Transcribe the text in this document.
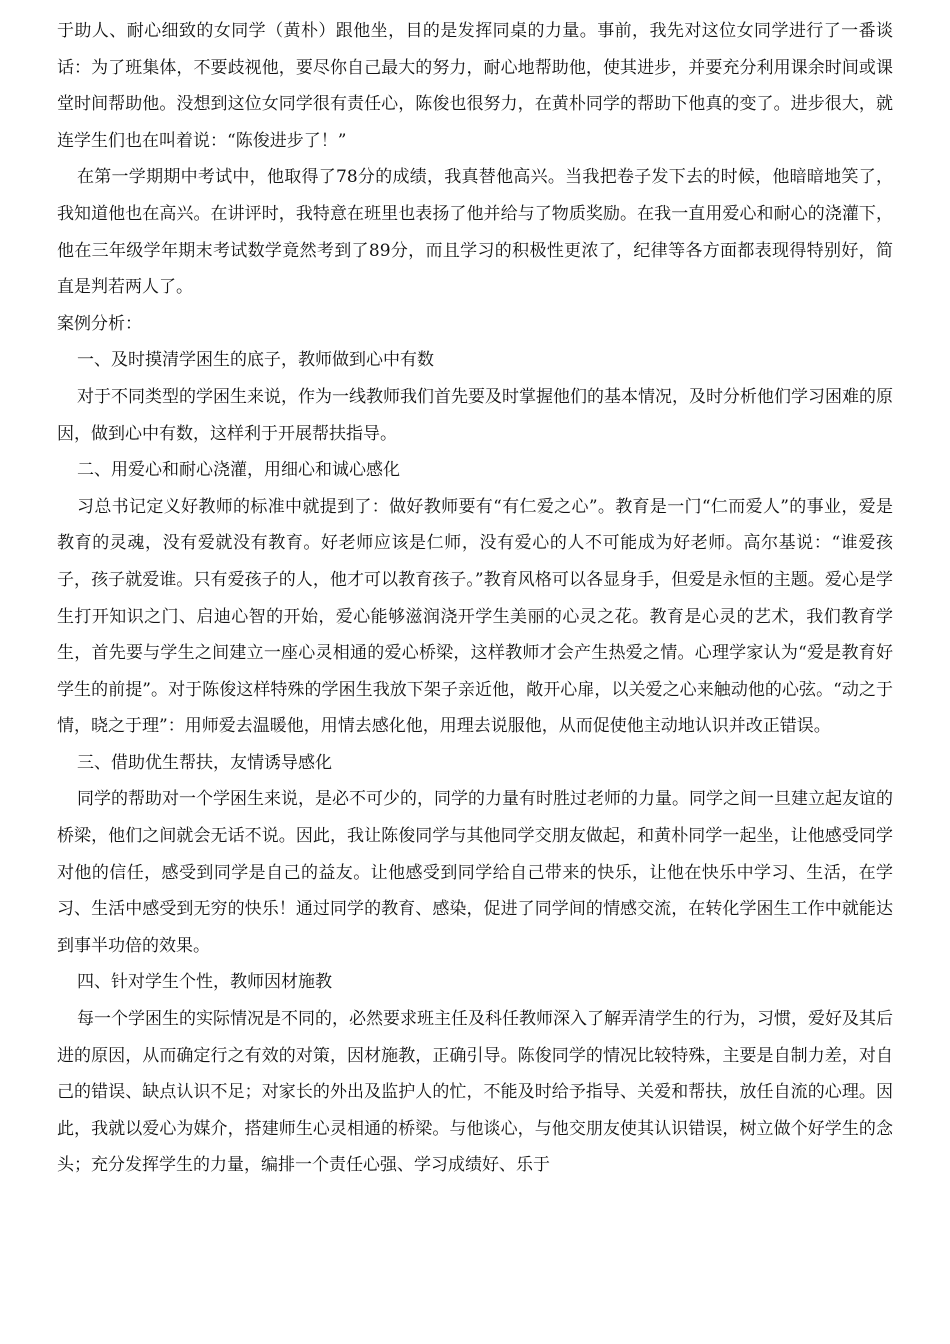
于助人、耐心细致的女同学（黄朴）跟他坐，目的是发挥同桌的力量。事前，我先对这位女同学进行了一番谈话：为了班集体，不要歧视他，要尽你自己最大的努力，耐心地帮助他，使其进步，并要充分利用课余时间或课堂时间帮助他。没想到这位女同学很有责任心，陈俊也很努力，在黄朴同学的帮助下他真的变了。进步很大，就连学生们也在叫着说：“陈俊进步了！”

在第一学期期中考试中，他取得了78分的成绩，我真替他高兴。当我把卷子发下去的时候，他暗暗地笑了，我知道他也在高兴。在讲评时，我特意在班里也表扬了他并给与了物质奖励。在我一直用爱心和耐心的浇灌下，他在三年级学年期末考试数学竟然考到了89分，而且学习的积极性更浓了，纪律等各方面都表现得特别好，简直是判若两人了。

案例分析：

一、及时摸清学困生的底子，教师做到心中有数

对于不同类型的学困生来说，作为一线教师我们首先要及时掌握他们的基本情况，及时分析他们学习困难的原因，做到心中有数，这样利于开展帮扶指导。

二、用爱心和耐心浇灌，用细心和诚心感化

习总书记定义好教师的标准中就提到了：做好教师要有“有仁爱之心”。教育是一门“仁而爱人”的事业，爱是教育的灵魂，没有爱就没有教育。好老师应该是仁师，没有爱心的人不可能成为好老师。高尔基说：“谁爱孩子，孩子就爱谁。只有爱孩子的人，他才可以教育孩子。”教育风格可以各显身手，但爱是永恒的主题。爱心是学生打开知识之门、启迪心智的开始，爱心能够滋润浇开学生美丽的心灵之花。教育是心灵的艺术，我们教育学生，首先要与学生之间建立一座心灵相通的爱心桥梁，这样教师才会产生热爱之情。心理学家认为“爱是教育好学生的前提”。对于陈俊这样特殊的学困生我放下架子亲近他，敞开心扉，以关爱之心来触动他的心弦。“动之于情，晓之于理”：用师爱去温暖他，用情去感化他，用理去说服他，从而促使他主动地认识并改正错误。

三、借助优生帮扶，友情诱导感化

同学的帮助对一个学困生来说，是必不可少的，同学的力量有时胜过老师的力量。同学之间一旦建立起友谊的桥梁，他们之间就会无话不说。因此，我让陈俊同学与其他同学交朋友做起，和黄朴同学一起坐，让他感受同学对他的信任，感受到同学是自己的益友。让他感受到同学给自己带来的快乐，让他在快乐中学习、生活，在学习、生活中感受到无穷的快乐！通过同学的教育、感染，促进了同学间的情感交流，在转化学困生工作中就能达到事半功倍的效果。

四、针对学生个性，教师因材施教

每一个学困生的实际情况是不同的，必然要求班主任及科任教师深入了解弄清学生的行为，习惯，爱好及其后进的原因，从而确定行之有效的对策，因材施教，正确引导。陈俊同学的情况比较特殊，主要是自制力差，对自己的错误、缺点认识不足；对家长的外出及监护人的忙，不能及时给予指导、关爱和帮扶，放任自流的心理。因此，我就以爱心为媒介，搭建师生心灵相通的桥梁。与他谈心，与他交朋友使其认识错误，树立做个好学生的念头；充分发挥学生的力量，编排一个责任心强、学习成绩好、乐于
